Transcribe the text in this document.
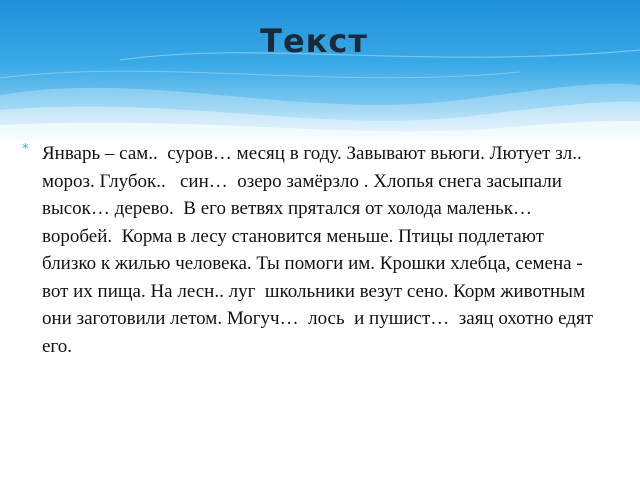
Текст
* Январь – сам..  суров… месяц в году. Завывают вьюги. Лютует зл..  мороз. Глубок..   син…  озеро замёрзло . Хлопья снега засыпали высок… дерево.  В его ветвях прятался от холода маленьк… воробей.  Корма в лесу становится меньше. Птицы подлетают близко к жилью человека. Ты помоги им. Крошки хлебца, семена - вот их пища. На лесн.. луг  школьники везут сено. Корм животным они заготовили летом. Могуч…  лось  и пушист…  заяц охотно едят его.
